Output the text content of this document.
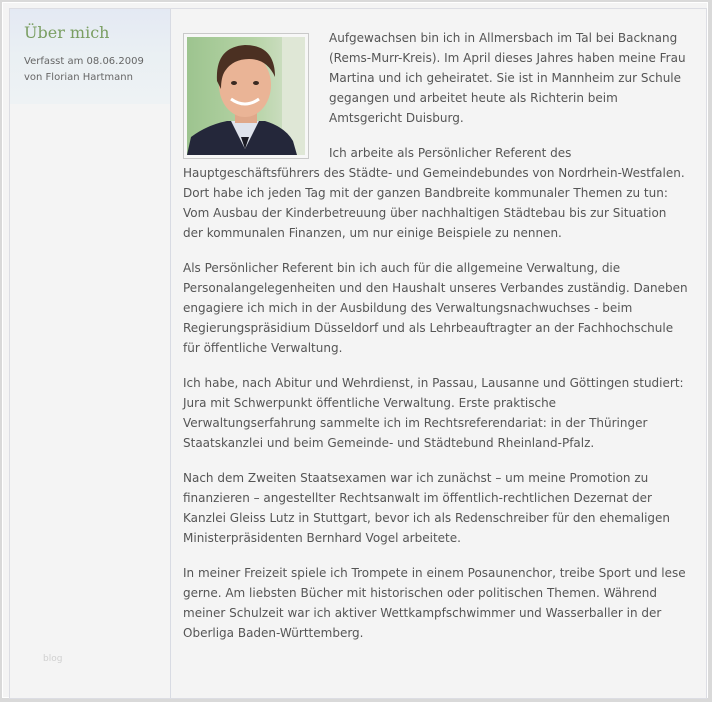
Über mich
Verfasst am 08.06.2009
von Florian Hartmann
blog

Aufgewachsen bin ich in Allmersbach im Tal bei Backnang (Rems-Murr-Kreis). Im April dieses Jahres haben meine Frau Martina und ich geheiratet. Sie ist in Mannheim zur Schule gegangen und arbeitet heute als Richterin beim Amtsgericht Duisburg.

Ich arbeite als Persönlicher Referent des Hauptgeschäftsführers des Städte- und Gemeindebundes von Nordrhein-Westfalen. Dort habe ich jeden Tag mit der ganzen Bandbreite kommunaler Themen zu tun: Vom Ausbau der Kinderbetreuung über nachhaltigen Städtebau bis zur Situation der kommunalen Finanzen, um nur einige Beispiele zu nennen.

Als Persönlicher Referent bin ich auch für die allgemeine Verwaltung, die Personalangelegenheiten und den Haushalt unseres Verbandes zuständig. Daneben engagiere ich mich in der Ausbildung des Verwaltungsnachwuchses - beim Regierungspräsidium Düsseldorf und als Lehrbeauftragter an der Fachhochschule für öffentliche Verwaltung.

Ich habe, nach Abitur und Wehrdienst, in Passau, Lausanne und Göttingen studiert: Jura mit Schwerpunkt öffentliche Verwaltung. Erste praktische Verwaltungserfahrung sammelte ich im Rechtsreferendariat: in der Thüringer Staatskanzlei und beim Gemeinde- und Städtebund Rheinland-Pfalz.

Nach dem Zweiten Staatsexamen war ich zunächst – um meine Promotion zu finanzieren – angestellter Rechtsanwalt im öffentlich-rechtlichen Dezernat der Kanzlei Gleiss Lutz in Stuttgart, bevor ich als Redenschreiber für den ehemaligen Ministerpräsidenten Bernhard Vogel arbeitete.

In meiner Freizeit spiele ich Trompete in einem Posaunenchor, treibe Sport und lese gerne. Am liebsten Bücher mit historischen oder politischen Themen. Während meiner Schulzeit war ich aktiver Wettkampfschwimmer und Wasserballer in der Oberliga Baden-Württemberg.
